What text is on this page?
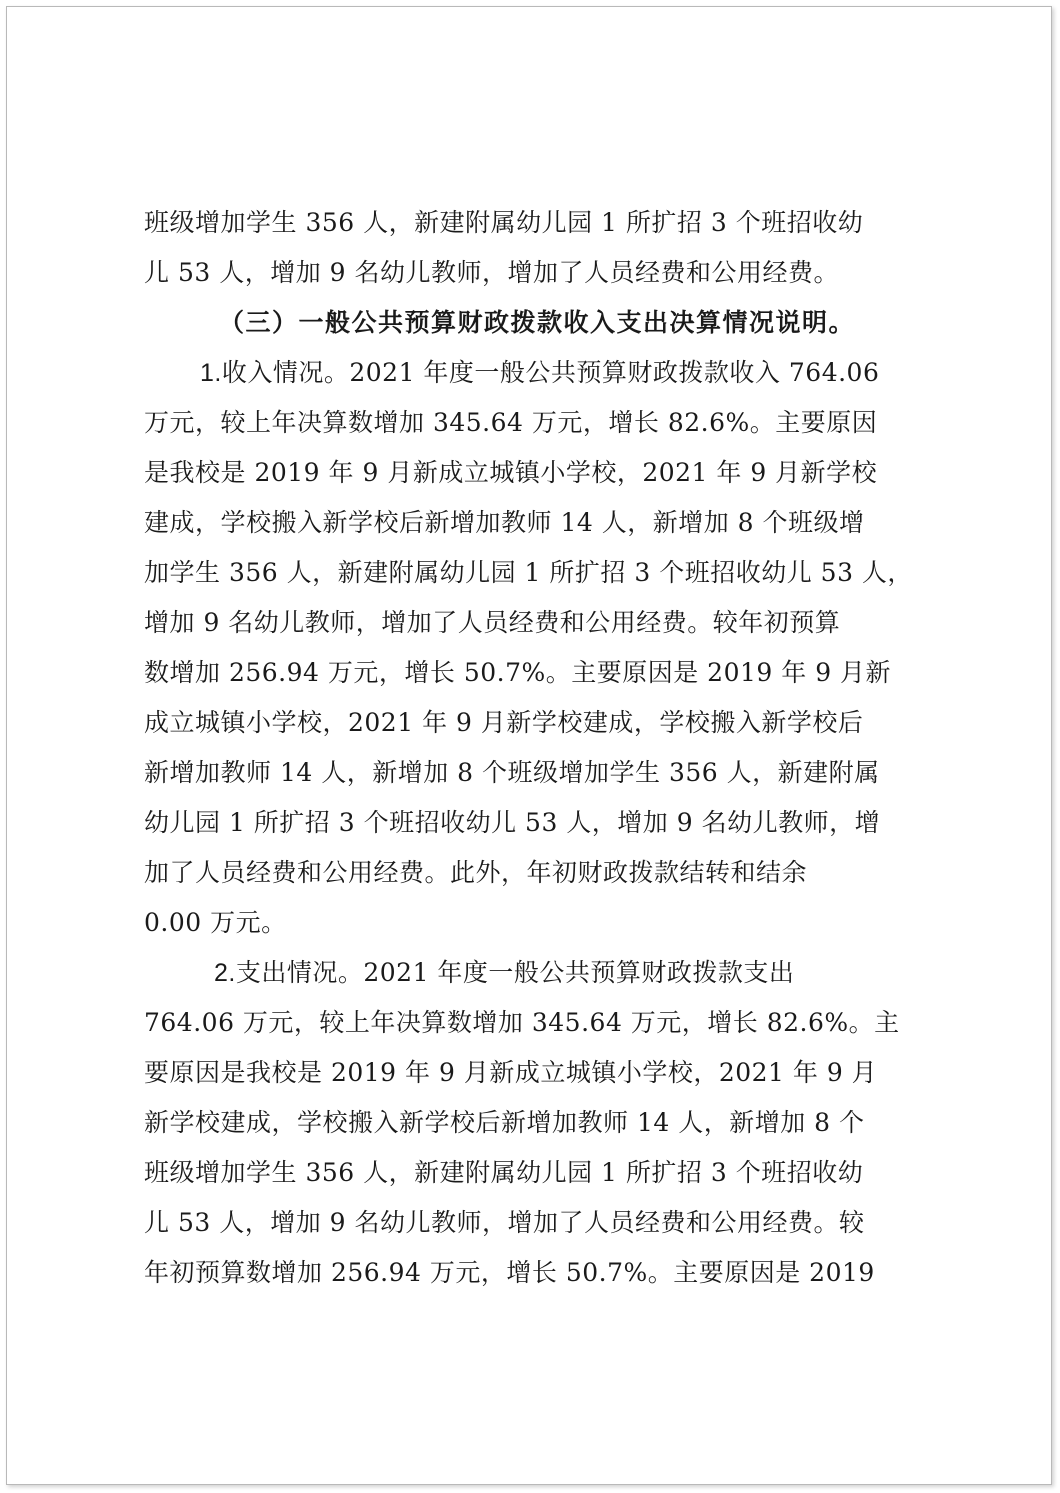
班级增加学生 356 人，新建附属幼儿园 1 所扩招 3 个班招收幼
儿 53 人，增加 9 名幼儿教师，增加了人员经费和公用经费。
（三）一般公共预算财政拨款收入支出决算情况说明。
1.收入情况。2021 年度一般公共预算财政拨款收入 764.06
万元，较上年决算数增加 345.64 万元，增长 82.6%。主要原因
是我校是 2019 年 9 月新成立城镇小学校，2021 年 9 月新学校
建成，学校搬入新学校后新增加教师 14 人，新增加 8 个班级增
加学生 356 人，新建附属幼儿园 1 所扩招 3 个班招收幼儿 53 人，
增加 9 名幼儿教师，增加了人员经费和公用经费。较年初预算
数增加 256.94 万元，增长 50.7%。主要原因是 2019 年 9 月新
成立城镇小学校，2021 年 9 月新学校建成，学校搬入新学校后
新增加教师 14 人，新增加 8 个班级增加学生 356 人，新建附属
幼儿园 1 所扩招 3 个班招收幼儿 53 人，增加 9 名幼儿教师，增
加了人员经费和公用经费。此外，年初财政拨款结转和结余
0.00 万元。
2.支出情况。2021 年度一般公共预算财政拨款支出
764.06 万元，较上年决算数增加 345.64 万元，增长 82.6%。主
要原因是我校是 2019 年 9 月新成立城镇小学校，2021 年 9 月
新学校建成，学校搬入新学校后新增加教师 14 人，新增加 8 个
班级增加学生 356 人，新建附属幼儿园 1 所扩招 3 个班招收幼
儿 53 人，增加 9 名幼儿教师，增加了人员经费和公用经费。较
年初预算数增加 256.94 万元，增长 50.7%。主要原因是 2019
